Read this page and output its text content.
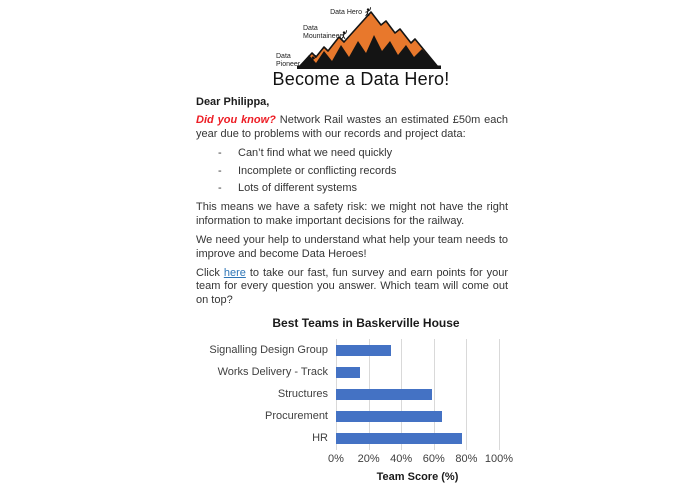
Data Hero
Data Mountaineer
Data Pioneer
Become a Data Hero!

Dear Philippa,

Did you know? Network Rail wastes an estimated £50m each year due to problems with our records and project data:

-	Can’t find what we need quickly
-	Incomplete or conflicting records
-	Lots of different systems

This means we have a safety risk: we might not have the right information to make important decisions for the railway.

We need your help to understand what help your team needs to improve and become Data Heroes!

Click here to take our fast, fun survey and earn points for your team for every question you answer. Which team will come out on top?

Best Teams in Baskerville House
Signalling Design Group
Works Delivery - Track
Structures
Procurement
HR
0% 20% 40% 60% 80% 100%
Team Score (%)
